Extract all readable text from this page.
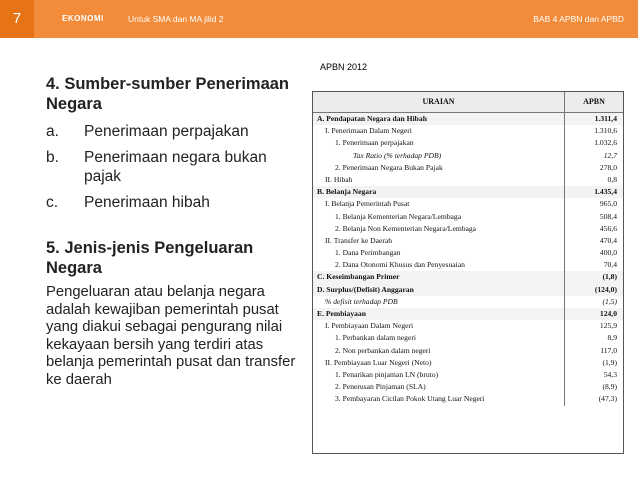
7	EKONOMI	Untuk SMA dan MA jilid 2	BAB 4 APBN dan APBD

4. Sumber-sumber Penerimaan Negara

a.	Penerimaan perpajakan
b.	Penerimaan negara bukan pajak
c.	Penerimaan hibah

5. Jenis-jenis Pengeluaran Negara

Pengeluaran atau belanja negara adalah kewajiban pemerintah pusat yang diakui sebagai pengurang nilai kekayaan bersih yang terdiri atas belanja pemerintah pusat dan transfer ke daerah

APBN 2012
URAIAN	APBN
A. Pendapatan Negara dan Hibah	1.311,4
I. Penerimaan Dalam Negeri	1.310,6
1. Penerimaan perpajakan	1.032,6
Tax Ratio (% terhadap PDB)	12,7
2. Penerimaan Negara Bukan Pajak	278,0
II. Hibah	0,8
B. Belanja Negara	1.435,4
I. Belanja Pemerintah Pusat	965,0
1. Belanja Kementerian Negara/Lembaga	508,4
2. Belanja Non Kementerian Negara/Lembaga	456,6
II. Transfer ke Daerah	470,4
1. Dana Perimbangan	400,0
2. Dana Otonomi Khusus dan Penyesuaian	70,4
C. Keseimbangan Primer	(1,8)
D. Surplus/(Defisit) Anggaran	(124,0)
% defisit terhadap PDB	(1,5)
E. Pembiayaan	124,0
I. Pembiayaan Dalam Negeri	125,9
1. Perbankan dalam negeri	8,9
2. Non perbankan dalam negeri	117,0
II. Pembiayaan Luar Negeri (Neto)	(1,9)
1. Penarikan pinjaman LN (bruto)	54,3
2. Penerusan Pinjaman (SLA)	(8,9)
3. Pembayaran Cicilan Pokok Utang Luar Negeri	(47,3)
